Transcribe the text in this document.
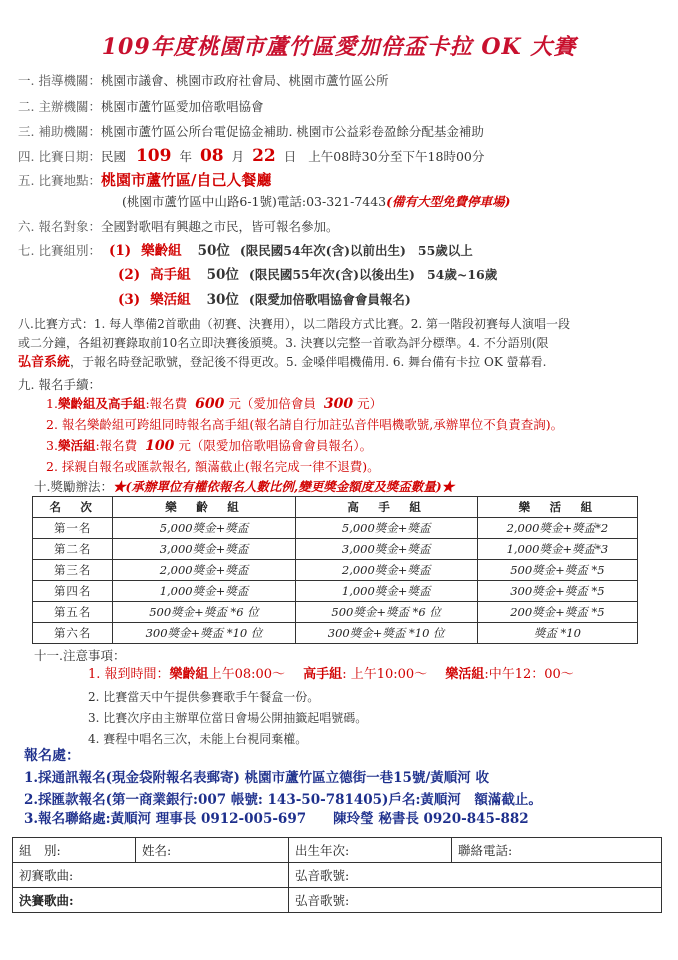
109年度桃園市蘆竹區愛加倍盃卡拉 OK 大賽
一. 指導機關：桃園市議會、桃園市政府社會局、桃園市蘆竹區公所
二. 主辦機關：桃園市蘆竹區愛加倍歌唱協會
三. 補助機關：桃園市蘆竹區公所台電促協金補助. 桃園市公益彩卷盈餘分配基金補助
四. 比賽日期：民國 109 年 08 月 22 日 上午08時30分至下午18時00分
五. 比賽地點：桃園市蘆竹區/自己人餐廳
(桃園市蘆竹區中山路6-1號)電話:03-321-7443(備有大型免費停車場)
六. 報名對象：全國對歌唱有興趣之市民，皆可報名參加。
七. 比賽組別： (1) 樂齡組 50位 (限民國54年次(含)以前出生) 55歲以上
(2) 高手組 50位 (限民國55年次(含)以後出生) 54歲~16歲
(3) 樂活組 30位 (限愛加倍歌唱協會會員報名)
八.比賽方式：1. 每人準備2首歌曲（初賽、決賽用），以二階段方式比賽。2. 第一階段初賽每人演唱一段
或二分鐘，各組初賽錄取前10名立即決賽後頒獎。3. 決賽以完整一首歌為評分標準。4. 不分語別(限
弘音系統，于報名時登記歌號，登記後不得更改。5. 金嗓伴唱機備用. 6. 舞台備有卡拉 OK 螢幕看.
九. 報名手續：
1.樂齡組及高手組:報名費 600 元（愛加倍會員 300 元）
2. 報名樂齡組可跨組同時報名高手組(報名請自行加註弘音伴唱機歌號,承辦單位不負責查詢)。
3.樂活組:報名費 100 元（限愛加倍歌唱協會會員報名）。
2. 採親自報名或匯款報名, 額滿截止(報名完成一律不退費)。
十.獎勵辦法：★(承辦單位有權依報名人數比例,變更獎金額度及獎盃數量)★
名　次	樂　齡　組	高　手　組	樂　活　組
第一名	5,000獎金+獎盃	5,000獎金+獎盃	2,000獎金+獎盃*2
第二名	3,000獎金+獎盃	3,000獎金+獎盃	1,000獎金+獎盃*3
第三名	2,000獎金+獎盃	2,000獎金+獎盃	500獎金+獎盃 *5
第四名	1,000獎金+獎盃	1,000獎金+獎盃	300獎金+獎盃 *5
第五名	500獎金+獎盃 *6 位	500獎金+獎盃 *6 位	200獎金+獎盃 *5
第六名	300獎金+獎盃 *10 位	300獎金+獎盃 *10 位	獎盃 *10
十一.注意事項：
1. 報到時間：樂齡組上午08:00～ 高手組: 上午10:00～ 樂活組:中午12：00～
2. 比賽當天中午提供參賽歌手午餐盒一份。
3. 比賽次序由主辦單位當日會場公開抽籤起唱號碼。
4. 賽程中唱名三次，未能上台視同棄權。
報名處：
1.採通訊報名(現金袋附報名表郵寄) 桃園市蘆竹區立德街一巷15號/黃順河 收
2.採匯款報名(第一商業銀行:007 帳號: 143-50-781405)戶名:黃順河　額滿截止。
3.報名聯絡處:黃順河 理事長 0912-005-697　　陳玲瑩 秘書長 0920-845-882
組　別:	姓名:	出生年次:	聯絡電話:
初賽歌曲:		弘音歌號:	
決賽歌曲:		弘音歌號:	
